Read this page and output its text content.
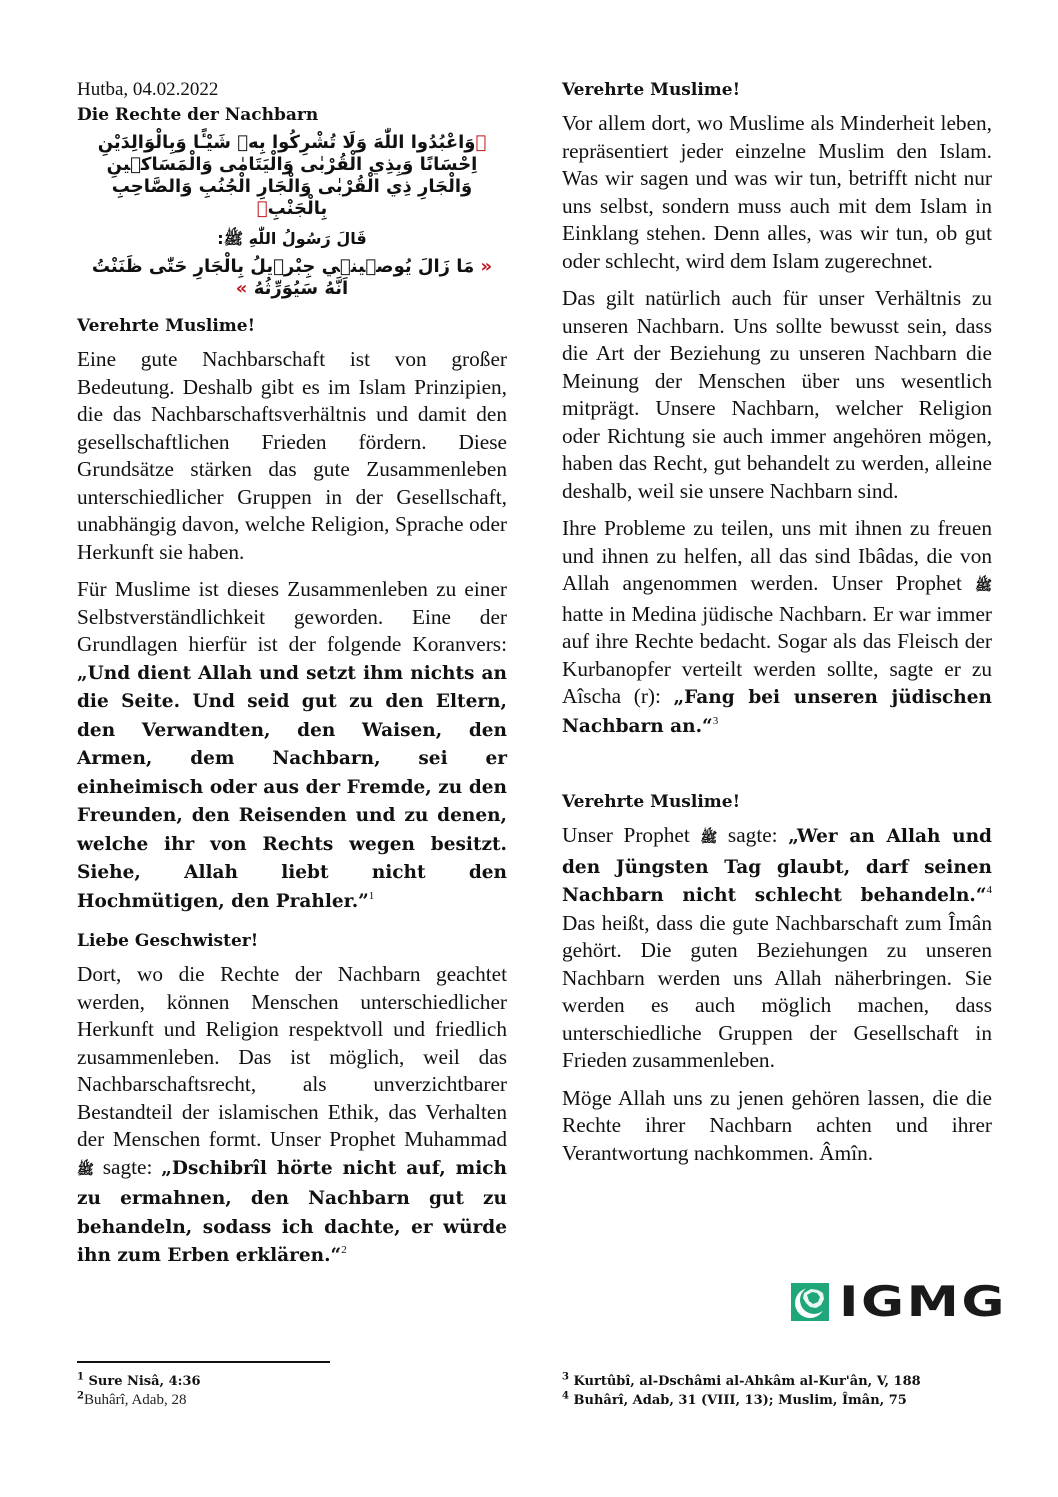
Hutba, 04.02.2022
Die Rechte der Nachbarn
﴿وَاعْبُدُوا اللّٰهَ وَلَا تُشْرِكُوا بِه۪ شَيْـًٔا وَبِالْوَالِدَيْنِ اِحْسَانًا وَبِذِي الْقُرْبٰى وَالْيَتَامٰى وَالْمَسَاك۪ينِ وَالْجَارِ ذِي الْقُرْبٰى وَالْجَارِ الْجُنُبِ وَالصَّاحِبِ بِالْجَنْبِ﴾
قَالَ رَسُولُ اللّٰهِ ﷺ:
« مَا زَالَ يُوص۪ين۪ي جِبْر۪يلُ بِالْجَارِ حَتّٰى ظَنَنْتُ اَنَّهُ سَيُوَرِّثُهُ »
Verehrte Muslime!

Eine gute Nachbarschaft ist von großer Bedeutung. Deshalb gibt es im Islam Prinzipien, die das Nachbarschaftsverhältnis und damit den gesellschaftlichen Frieden fördern. Diese Grundsätze stärken das gute Zusammenleben unterschiedlicher Gruppen in der Gesellschaft, unabhängig davon, welche Religion, Sprache oder Herkunft sie haben.

Für Muslime ist dieses Zusammenleben zu einer Selbstverständlichkeit geworden. Eine der Grundlagen hierfür ist der folgende Koranvers: „Und dient Allah und setzt ihm nichts an die Seite. Und seid gut zu den Eltern, den Verwandten, den Waisen, den Armen, dem Nachbarn, sei er einheimisch oder aus der Fremde, zu den Freunden, den Reisenden und zu denen, welche ihr von Rechts wegen besitzt. Siehe, Allah liebt nicht den Hochmütigen, den Prahler.”$^1$

Liebe Geschwister!

Dort, wo die Rechte der Nachbarn geachtet werden, können Menschen unterschiedlicher Herkunft und Religion respektvoll und friedlich zusammenleben. Das ist möglich, weil das Nachbarschaftsrecht, als unverzichtbarer Bestandteil der islamischen Ethik, das Verhalten der Menschen formt. Unser Prophet Muhammad ﷺ sagte: „Dschibrîl hörte nicht auf, mich zu ermahnen, den Nachbarn gut zu behandeln, sodass ich dachte, er würde ihn zum Erben erklären.“$^2$

Verehrte Muslime!

Vor allem dort, wo Muslime als Minderheit leben, repräsentiert jeder einzelne Muslim den Islam. Was wir sagen und was wir tun, betrifft nicht nur uns selbst, sondern muss auch mit dem Islam in Einklang stehen. Denn alles, was wir tun, ob gut oder schlecht, wird dem Islam zugerechnet.

Das gilt natürlich auch für unser Verhältnis zu unseren Nachbarn. Uns sollte bewusst sein, dass die Art der Beziehung zu unseren Nachbarn die Meinung der Menschen über uns wesentlich mitprägt. Unsere Nachbarn, welcher Religion oder Richtung sie auch immer angehören mögen, haben das Recht, gut behandelt zu werden, alleine deshalb, weil sie unsere Nachbarn sind.

Ihre Probleme zu teilen, uns mit ihnen zu freuen und ihnen zu helfen, all das sind Ibâdas, die von Allah angenommen werden. Unser Prophet ﷺ hatte in Medina jüdische Nachbarn. Er war immer auf ihre Rechte bedacht. Sogar als das Fleisch der Kurbanopfer verteilt werden sollte, sagte er zu Aîscha (r): „Fang bei unseren jüdischen Nachbarn an.“$^3$

Verehrte Muslime!

Unser Prophet ﷺ sagte: „Wer an Allah und den Jüngsten Tag glaubt, darf seinen Nachbarn nicht schlecht behandeln.“$^4$ Das heißt, dass die gute Nachbarschaft zum Îmân gehört. Die guten Beziehungen zu unseren Nachbarn werden uns Allah näherbringen. Sie werden es auch möglich machen, dass unterschiedliche Gruppen der Gesellschaft in Frieden zusammenleben.

Möge Allah uns zu jenen gehören lassen, die die Rechte ihrer Nachbarn achten und ihrer Verantwortung nachkommen. Âmîn.

IGMG
$^1$ Sure Nisâ, 4:36
$^2$Buhârî, Adab, 28
$^3$ Kurtûbî, al-Dschâmi al-Ahkâm al-Kur'ân, V, 188
$^4$ Buhârî, Adab, 31 (VIII, 13); Muslim, Îmân, 75
